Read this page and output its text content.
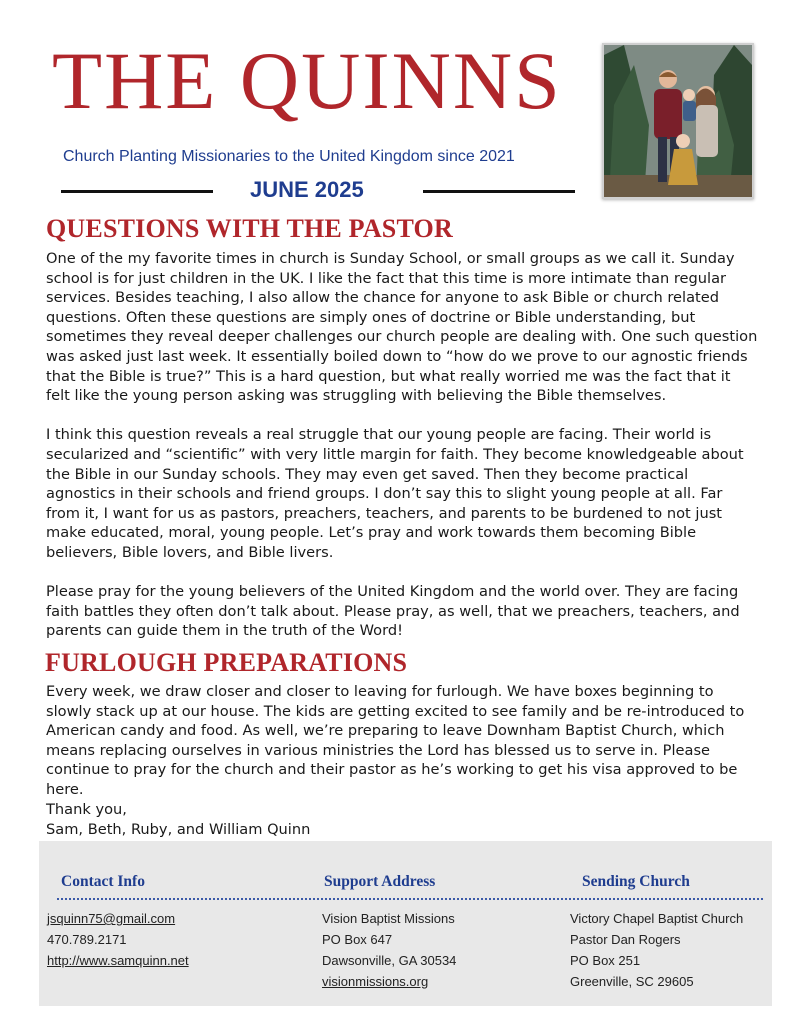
THE QUINNS
Church Planting Missionaries to the United Kingdom since 2021
JUNE 2025
QUESTIONS WITH THE PASTOR

One of the my favorite times in church is Sunday School, or small groups as we call it. Sunday school is for just children in the UK. I like the fact that this time is more intimate than regular services. Besides teaching, I also allow the chance for anyone to ask Bible or church related questions. Often these questions are simply ones of doctrine or Bible understanding, but sometimes they reveal deeper challenges our church people are dealing with. One such question was asked just last week. It essentially boiled down to “how do we prove to our agnostic friends that the Bible is true?” This is a hard question, but what really worried me was the fact that it felt like the young person asking was struggling with believing the Bible themselves.

I think this question reveals a real struggle that our young people are facing. Their world is secularized and “scientific” with very little margin for faith. They become knowledgeable about the Bible in our Sunday schools. They may even get saved. Then they become practical agnostics in their schools and friend groups. I don’t say this to slight young people at all. Far from it, I want for us as pastors, preachers, teachers, and parents to be burdened to not just make educated, moral, young people. Let’s pray and work towards them becoming Bible believers, Bible lovers, and Bible livers.

Please pray for the young believers of the United Kingdom and the world over. They are facing faith battles they often don’t talk about. Please pray, as well, that we preachers, teachers, and parents can guide them in the truth of the Word!

FURLOUGH PREPARATIONS

Every week, we draw closer and closer to leaving for furlough. We have boxes beginning to slowly stack up at our house. The kids are getting excited to see family and be re-introduced to American candy and food. As well, we’re preparing to leave Downham Baptist Church, which means replacing ourselves in various ministries the Lord has blessed us to serve in. Please continue to pray for the church and their pastor as he’s working to get his visa approved to be here.

Thank you,
Sam, Beth, Ruby, and William Quinn
Contact Info	Support Address	Sending Church
jsquinn75@gmail.com
470.789.2171
http://www.samquinn.net
Vision Baptist Missions
PO Box 647
Dawsonville, GA 30534
visionmissions.org
Victory Chapel Baptist Church
Pastor Dan Rogers
PO Box 251
Greenville, SC 29605
